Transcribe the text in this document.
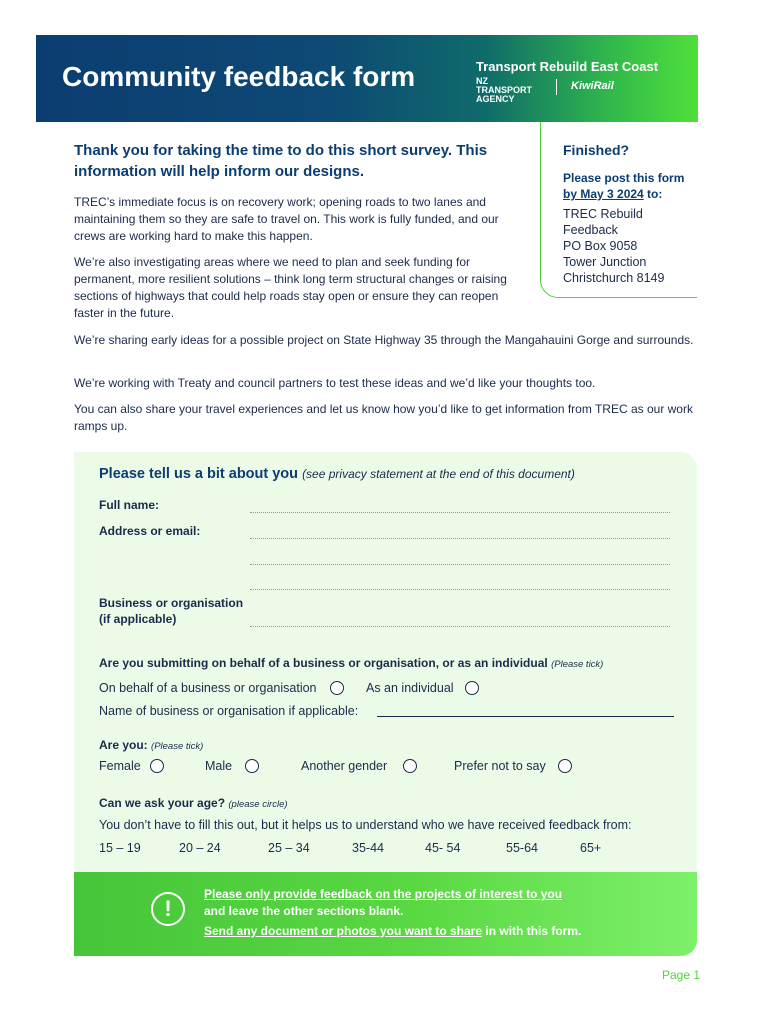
Community feedback form	Transport Rebuild East Coast
NZ TRANSPORT AGENCY
KiwiRail
Thank you for taking the time to do this short survey. This information will help inform our designs.

TREC’s immediate focus is on recovery work; opening roads to two lanes and maintaining them so they are safe to travel on. This work is fully funded, and our crews are working hard to make this happen.

We’re also investigating areas where we need to plan and seek funding for permanent, more resilient solutions – think long term structural changes or raising sections of highways that could help roads stay open or ensure they can reopen faster in the future.

Finished?
Please post this form
by May 3 2024 to:
TREC Rebuild
Feedback
PO Box 9058
Tower Junction
Christchurch 8149

We’re sharing early ideas for a possible project on State Highway 35 through the Mangahauini Gorge and surrounds.

We’re working with Treaty and council partners to test these ideas and we’d like your thoughts too.

You can also share your travel experiences and let us know how you’d like to get information from TREC as our work ramps up.

Please tell us a bit about you (see privacy statement at the end of this document)
Full name:
Address or email:
Business or organisation
(if applicable)
Are you submitting on behalf of a business or organisation, or as an individual (Please tick)
On behalf of a business or organisation	As an individual
Name of business or organisation if applicable:
Are you: (Please tick)
Female	Male	Another gender	Prefer not to say
Can we ask your age? (please circle)
You don’t have to fill this out, but it helps us to understand who we have received feedback from:
15 – 19	20 – 24	25 – 34	35-44	45- 54	55-64	65+
!
Please only provide feedback on the projects of interest to you
and leave the other sections blank.
Send any document or photos you want to share in with this form.
Page 1
